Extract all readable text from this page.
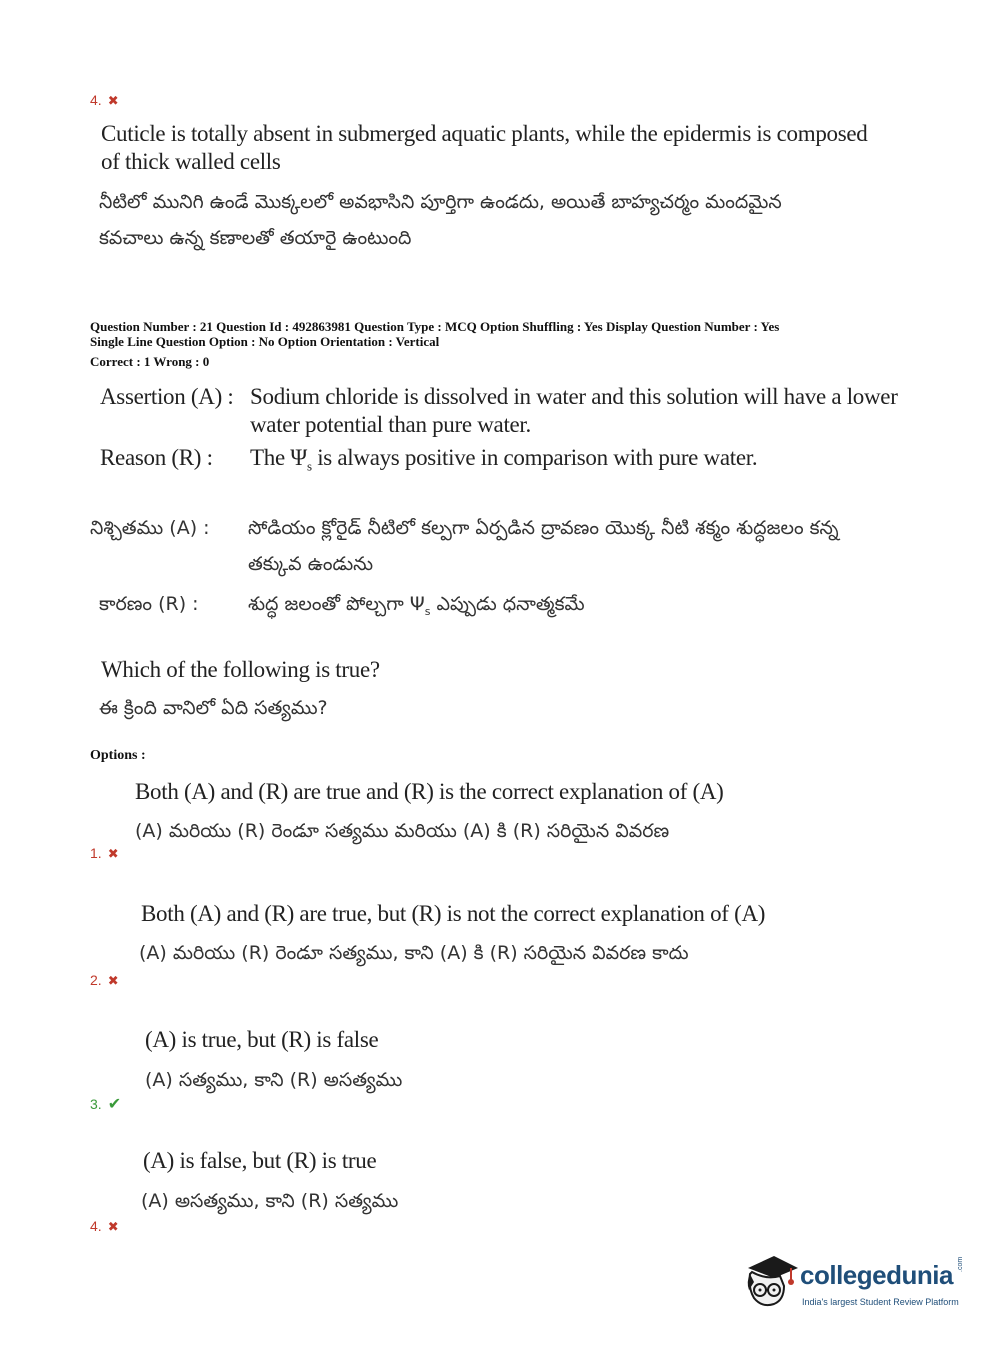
4. ✖
Cuticle is totally absent in submerged aquatic plants, while the epidermis is composed
of thick walled cells
నీటిలో మునిగి ఉండే మొక్కలలో అవభాసిని పూర్తిగా ఉండదు, అయితే బాహ్యచర్మం మందమైన
కవచాలు ఉన్న కణాలతో తయారై ఉంటుంది
Question Number : 21 Question Id : 492863981 Question Type : MCQ Option Shuffling : Yes Display Question Number : Yes
Single Line Question Option : No Option Orientation : Vertical
Correct : 1 Wrong : 0
Assertion (A) : Sodium chloride is dissolved in water and this solution will have a lower
water potential than pure water.
Reason (R) :	The $\Psi_s$ is always positive in comparison with pure water.
నిశ్చితము (A) :	సోడియం క్లోరైడ్ నీటిలో కల్పగా ఏర్పడిన ద్రావణం యొక్క నీటి శక్మం శుద్ధజలం కన్న
తక్కువ ఉండును
కారణం (R) :	శుద్ధ జలంతో పోల్చగా $\Psi_s$ ఎప్పుడు ధనాత్మకమే
Which of the following is true?
ఈ క్రింది వానిలో ఏది సత్యము?
Options :
Both (A) and (R) are true and (R) is the correct explanation of (A)
(A) మరియు (R) రెండూ సత్యము మరియు (A) కి (R) సరియైన వివరణ
1. ✖
Both (A) and (R) are true, but (R) is not the correct explanation of (A)
(A) మరియు (R) రెండూ సత్యము, కాని (A) కి (R) సరియైన వివరణ కాదు
2. ✖
(A) is true, but (R) is false
(A) సత్యము, కాని (R) అసత్యము
3. ✔
(A) is false, but (R) is true
(A) అసత్యము, కాని (R) సత్యము
4. ✖
collegedunia .com
India's largest Student Review Platform
